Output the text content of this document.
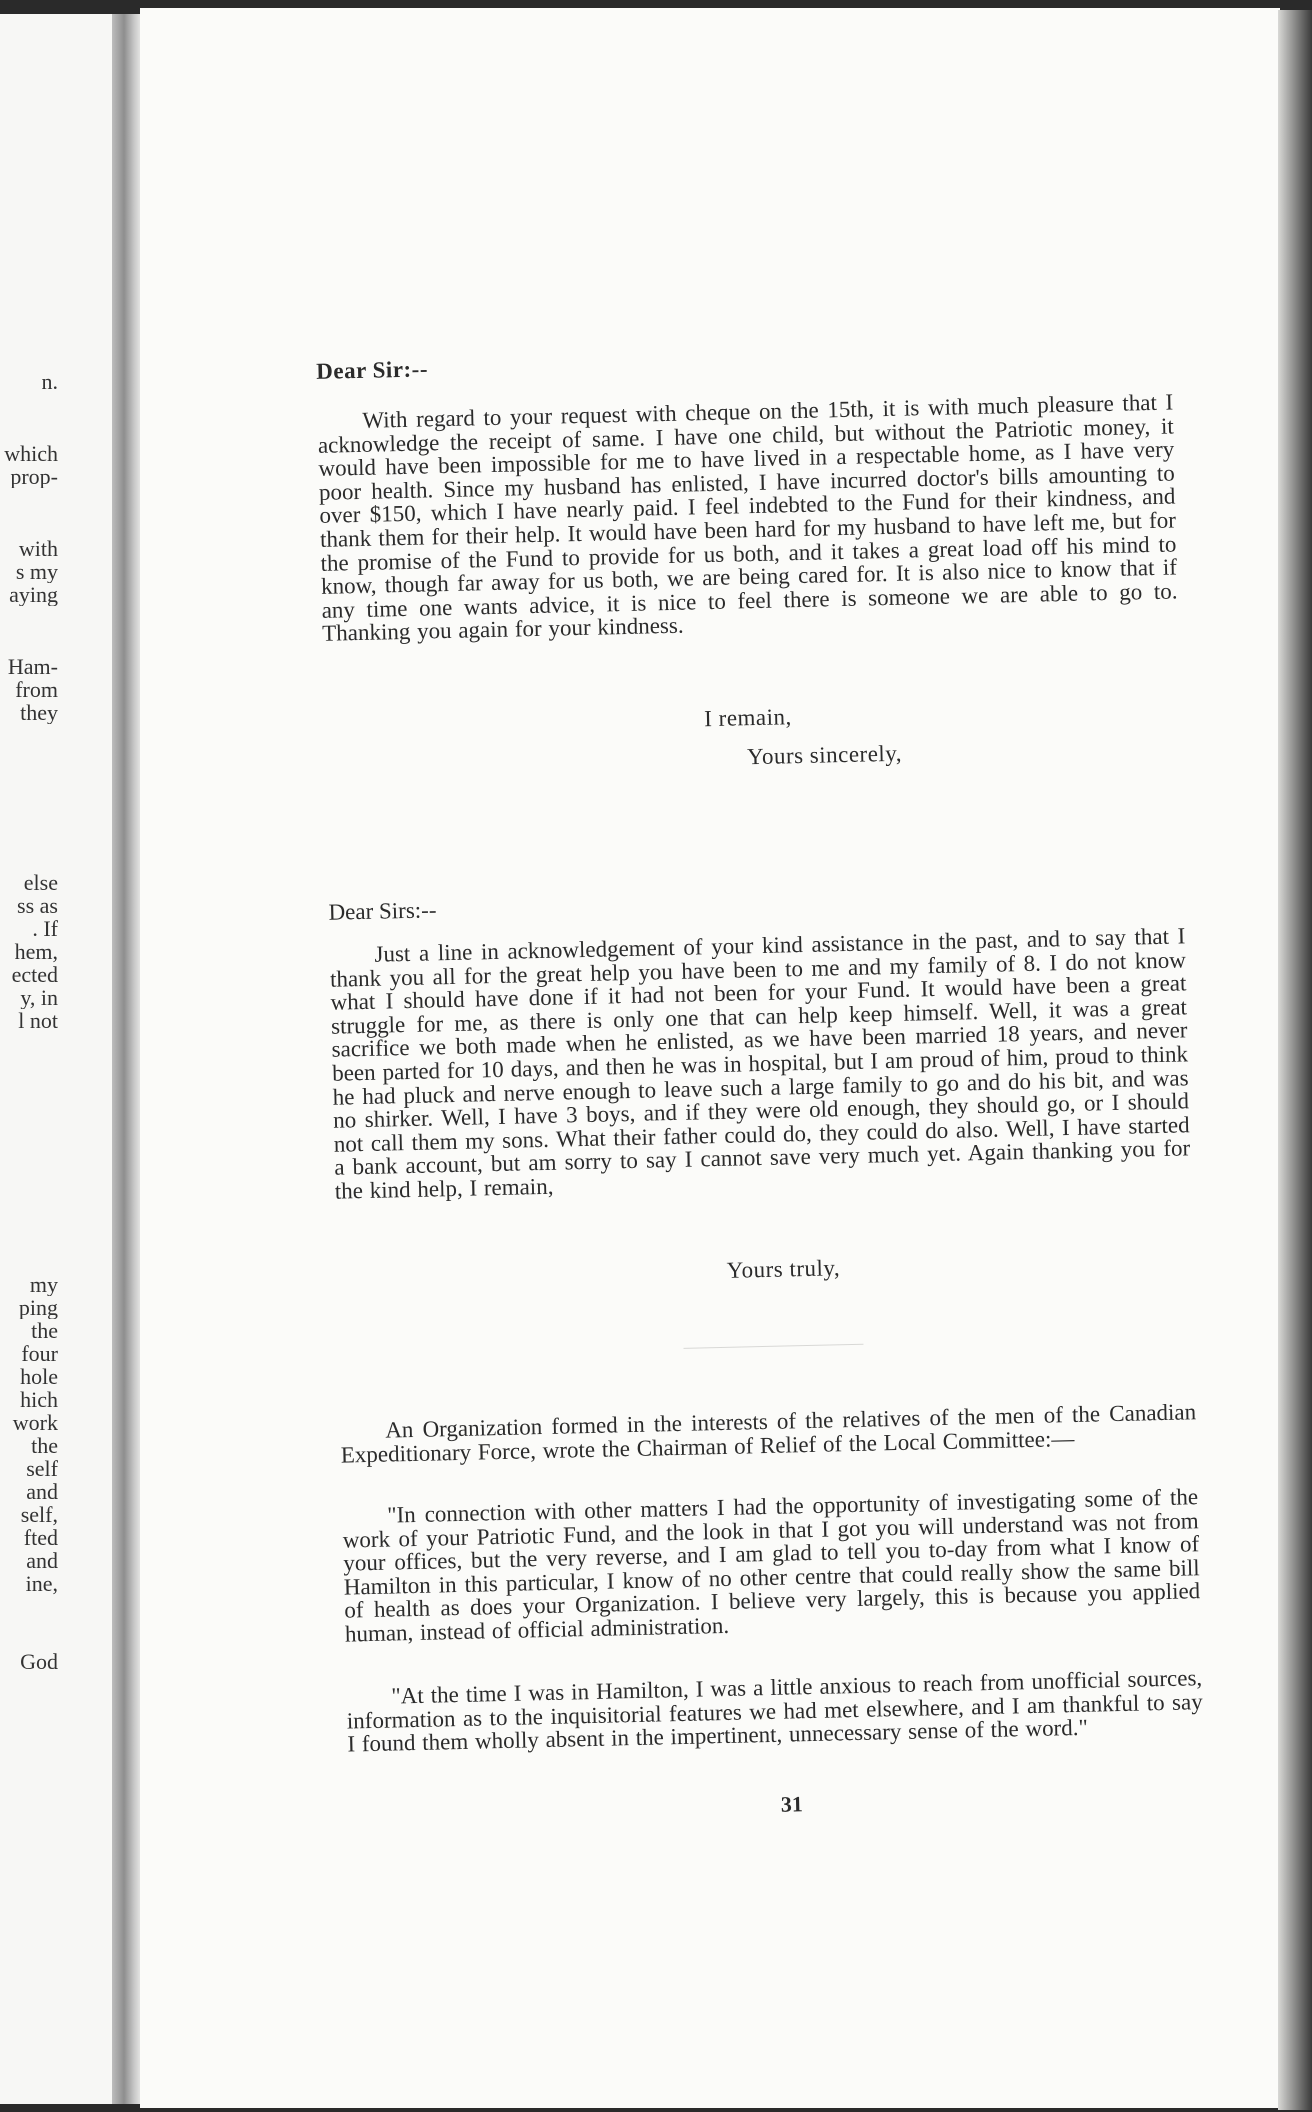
n.
which
prop-
with
s my
aying
Ham-
from
they
else
ss as
. If
hem,
ected
y, in
l not
my
ping
the
four
hole
hich
work
the
self
and
self,
fted
and
ine,
God
Dear Sir:--
With regard to your request with cheque on the 15th, it is with much pleasure that I acknowledge the receipt of same. I have one child, but without the Patriotic money, it would have been impossible for me to have lived in a respectable home, as I have very poor health. Since my husband has enlisted, I have incurred doctor's bills amounting to over $150, which I have nearly paid. I feel indebted to the Fund for their kindness, and thank them for their help. It would have been hard for my husband to have left me, but for the promise of the Fund to provide for us both, and it takes a great load off his mind to know, though far away for us both, we are being cared for. It is also nice to know that if any time one wants advice, it is nice to feel there is someone we are able to go to. Thanking you again for your kindness.
I remain,
Yours sincerely,
Dear Sirs:--
Just a line in acknowledgement of your kind assistance in the past, and to say that I thank you all for the great help you have been to me and my family of 8. I do not know what I should have done if it had not been for your Fund. It would have been a great struggle for me, as there is only one that can help keep himself. Well, it was a great sacrifice we both made when he enlisted, as we have been married 18 years, and never been parted for 10 days, and then he was in hospital, but I am proud of him, proud to think he had pluck and nerve enough to leave such a large family to go and do his bit, and was no shirker. Well, I have 3 boys, and if they were old enough, they should go, or I should not call them my sons. What their father could do, they could do also. Well, I have started a bank account, but am sorry to say I cannot save very much yet. Again thanking you for the kind help, I remain,
Yours truly,
An Organization formed in the interests of the relatives of the men of the Canadian Expeditionary Force, wrote the Chairman of Relief of the Local Committee:—
"In connection with other matters I had the opportunity of investigating some of the work of your Patriotic Fund, and the look in that I got you will understand was not from your offices, but the very reverse, and I am glad to tell you to-day from what I know of Hamilton in this particular, I know of no other centre that could really show the same bill of health as does your Organization. I believe very largely, this is because you applied human, instead of official administration.
"At the time I was in Hamilton, I was a little anxious to reach from unofficial sources, information as to the inquisitorial features we had met elsewhere, and I am thankful to say I found them wholly absent in the impertinent, unnecessary sense of the word."
31
